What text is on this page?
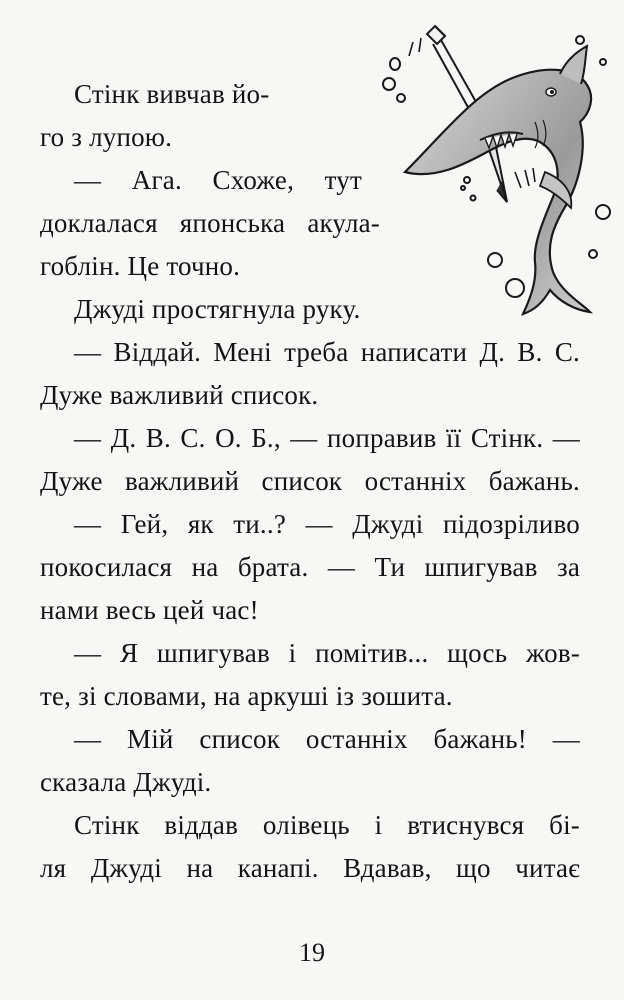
Стінк вивчав йо-
го з лупою.
— Ага. Схоже, тут
доклалася японська акула-
гоблін. Це точно.
Джуді простягнула руку.
— Віддай. Мені треба написати Д. В. С.
Дуже важливий список.
— Д. В. С. О. Б., — поправив її Стінк. —
Дуже важливий список останніх бажань.
— Гей, як ти..? — Джуді підозріливо
покосилася на брата. — Ти шпигував за
нами весь цей час!
— Я шпигував і помітив... щось жов-
те, зі словами, на аркуші із зошита.
— Мій список останніх бажань! —
сказала Джуді.
Стінк віддав олівець і втиснувся бі-
ля Джуді на канапі. Вдавав, що читає
19
